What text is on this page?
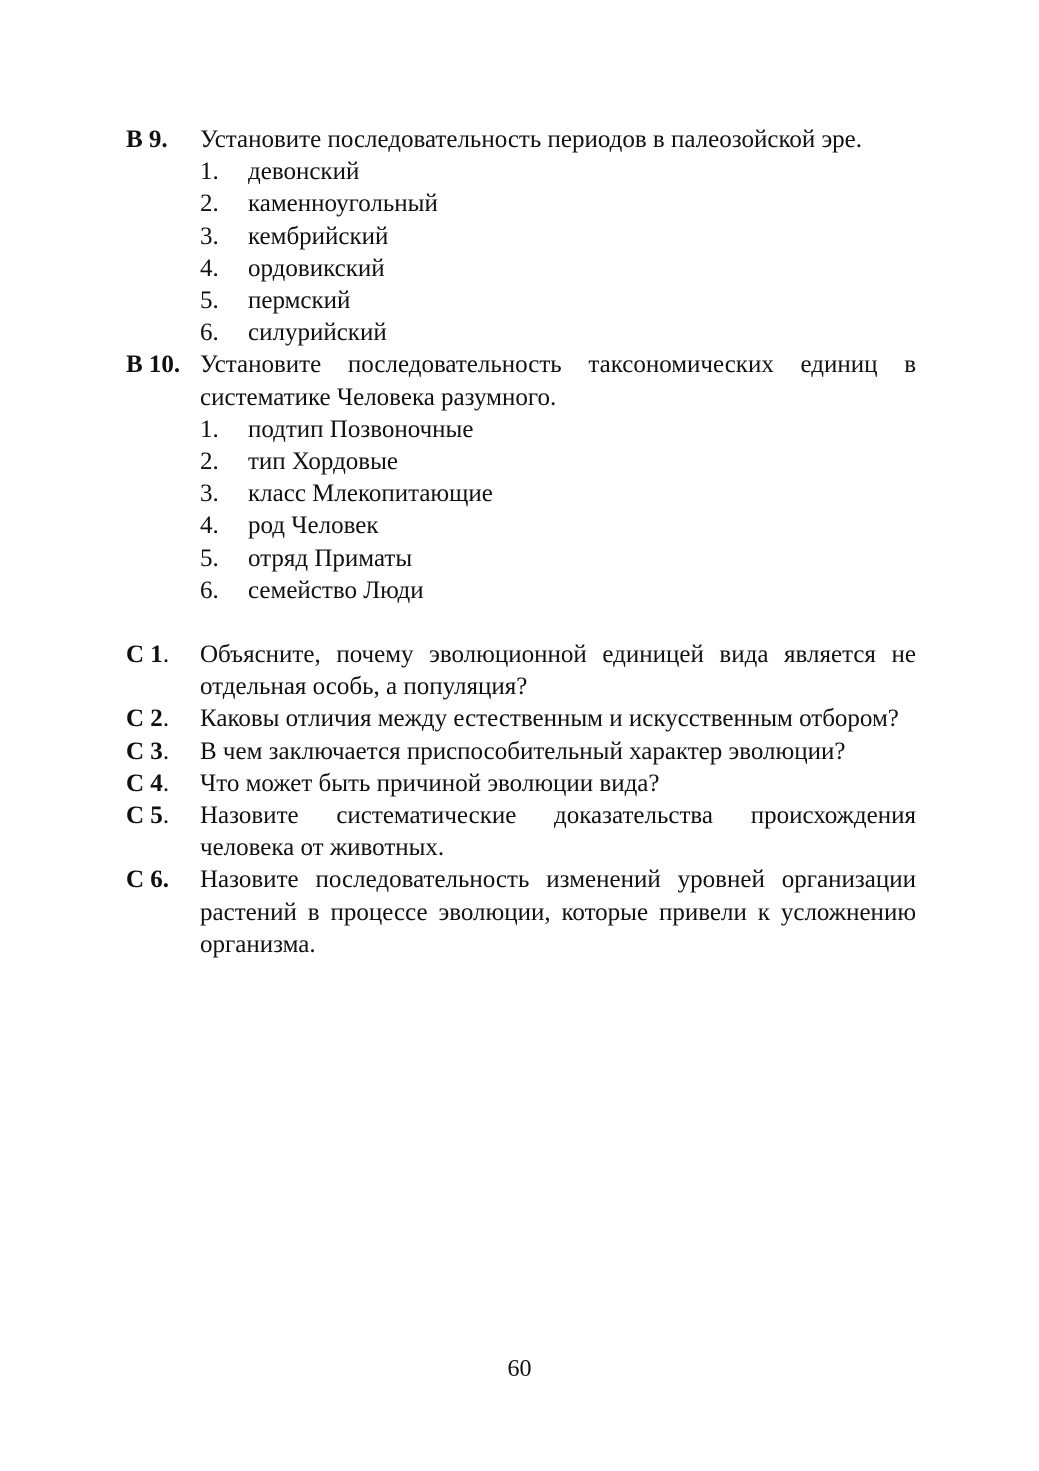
В 9.	Установите последовательность периодов в палеозойской эре.
1.	девонский
2.	каменноугольный
3.	кембрийский
4.	ордовикский
5.	пермский
6.	силурийский
В 10. Установите последовательность таксономических единиц в систематике Человека разумного.
1.	подтип Позвоночные
2.	тип Хордовые
3.	класс Млекопитающие
4.	род Человек
5.	отряд Приматы
6.	семейство Люди
С 1.	Объясните, почему эволюционной единицей вида является не отдельная особь, а популяция?
С 2.	Каковы отличия между естественным и искусственным отбором?
С 3.	В чем заключается приспособительный характер эволюции?
С 4.	Что может быть причиной эволюции вида?
С 5.	Назовите систематические доказательства происхождения человека от животных.
С 6.	Назовите последовательность изменений уровней организации растений в процессе эволюции, которые привели к усложнению организма.
60
